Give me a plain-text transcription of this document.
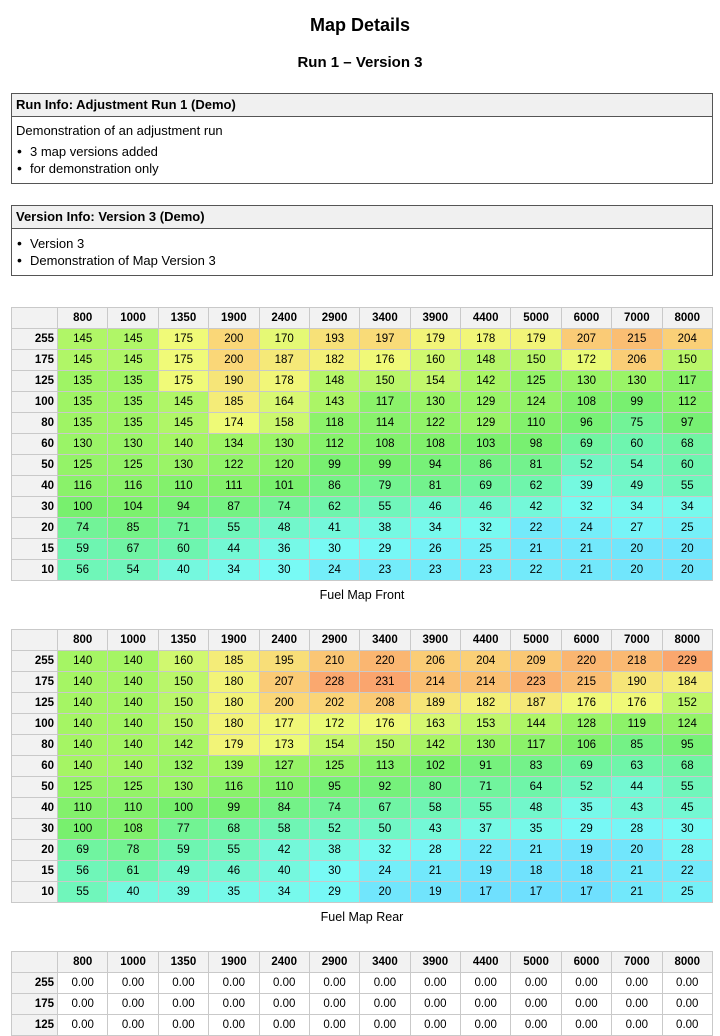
Map Details
Run 1 – Version 3
Run Info: Adjustment Run 1 (Demo)

Demonstration of an adjustment run

• 3 map versions added
• for demonstration only
Version Info: Version 3 (Demo)
• Version 3
• Demonstration of Map Version 3
	800	1000	1350	1900	2400	2900	3400	3900	4400	5000	6000	7000	8000
255	145	145	175	200	170	193	197	179	178	179	207	215	204
175	145	145	175	200	187	182	176	160	148	150	172	206	150
125	135	135	175	190	178	148	150	154	142	125	130	130	117
100	135	135	145	185	164	143	117	130	129	124	108	99	112
80	135	135	145	174	158	118	114	122	129	110	96	75	97
60	130	130	140	134	130	112	108	108	103	98	69	60	68
50	125	125	130	122	120	99	99	94	86	81	52	54	60
40	116	116	110	111	101	86	79	81	69	62	39	49	55
30	100	104	94	87	74	62	55	46	46	42	32	34	34
20	74	85	71	55	48	41	38	34	32	22	24	27	25
15	59	67	60	44	36	30	29	26	25	21	21	20	20
10	56	54	40	34	30	24	23	23	23	22	21	20	20
Fuel Map Front
	800	1000	1350	1900	2400	2900	3400	3900	4400	5000	6000	7000	8000
255	140	140	160	185	195	210	220	206	204	209	220	218	229
175	140	140	150	180	207	228	231	214	214	223	215	190	184
125	140	140	150	180	200	202	208	189	182	187	176	176	152
100	140	140	150	180	177	172	176	163	153	144	128	119	124
80	140	140	142	179	173	154	150	142	130	117	106	85	95
60	140	140	132	139	127	125	113	102	91	83	69	63	68
50	125	125	130	116	110	95	92	80	71	64	52	44	55
40	110	110	100	99	84	74	67	58	55	48	35	43	45
30	100	108	77	68	58	52	50	43	37	35	29	28	30
20	69	78	59	55	42	38	32	28	22	21	19	20	28
15	56	61	49	46	40	30	24	21	19	18	18	21	22
10	55	40	39	35	34	29	20	19	17	17	17	21	25
Fuel Map Rear
	800	1000	1350	1900	2400	2900	3400	3900	4400	5000	6000	7000	8000
255	0.00	0.00	0.00	0.00	0.00	0.00	0.00	0.00	0.00	0.00	0.00	0.00	0.00
175	0.00	0.00	0.00	0.00	0.00	0.00	0.00	0.00	0.00	0.00	0.00	0.00	0.00
125	0.00	0.00	0.00	0.00	0.00	0.00	0.00	0.00	0.00	0.00	0.00	0.00	0.00
